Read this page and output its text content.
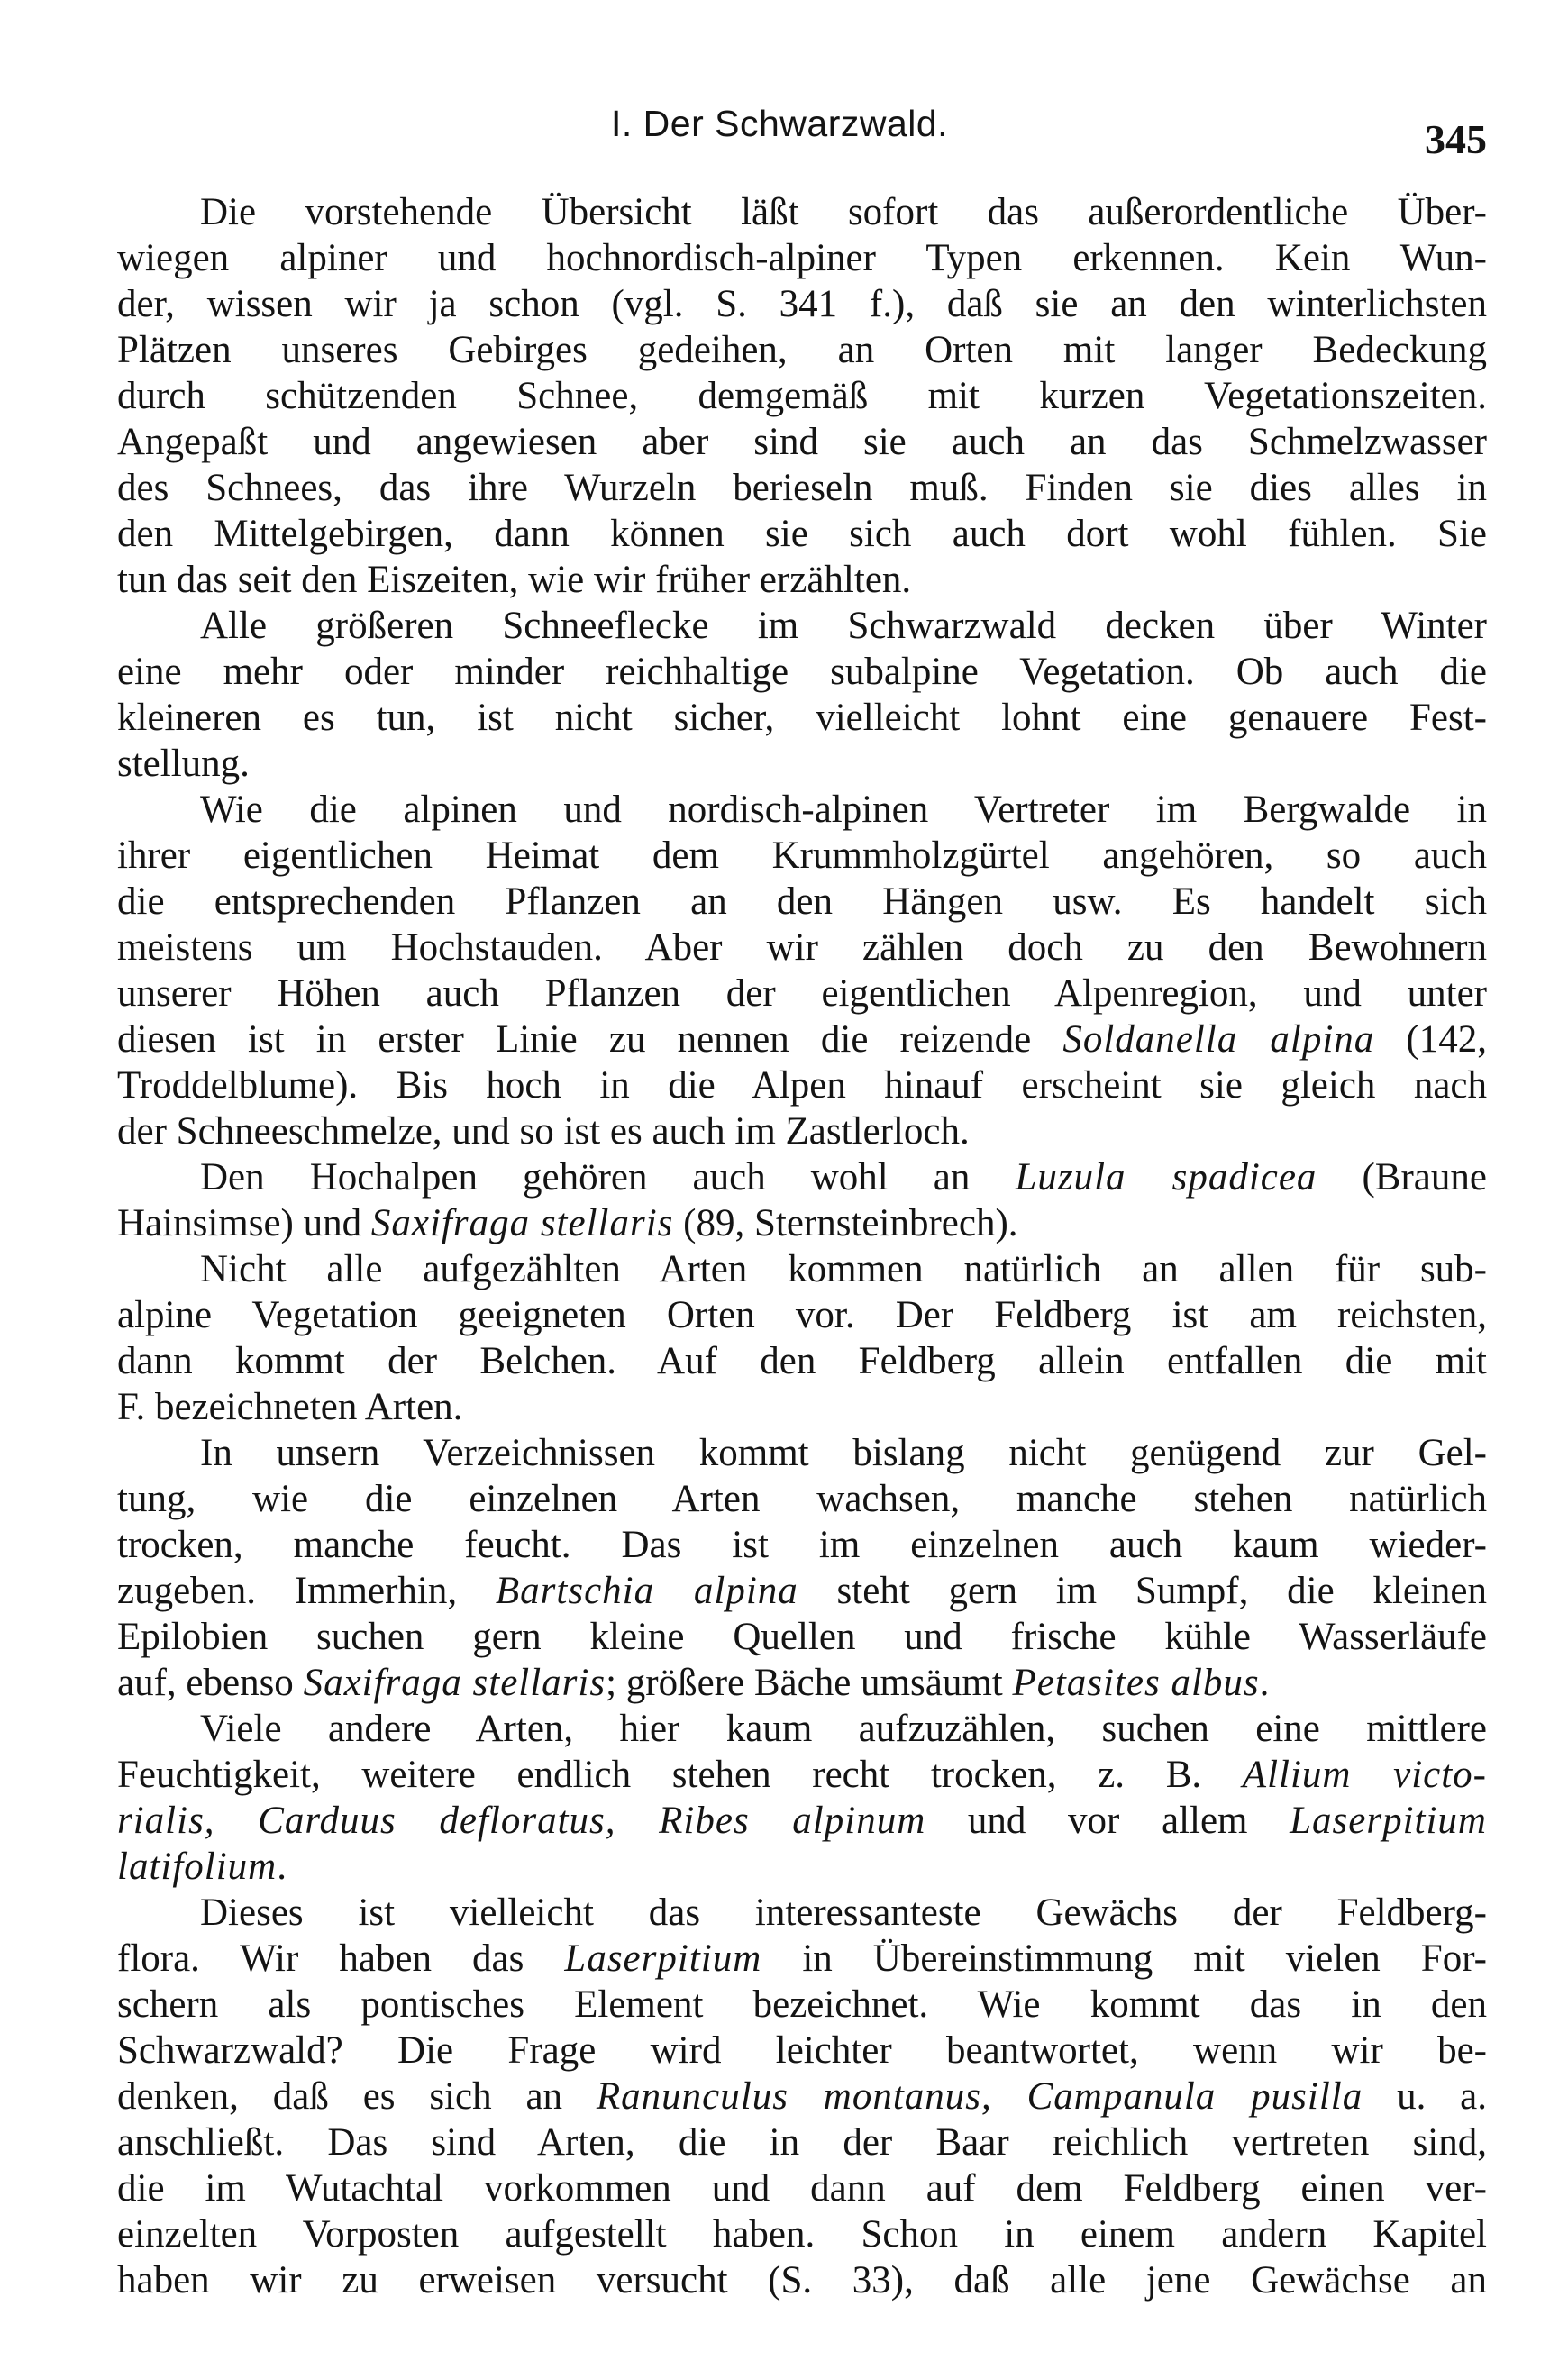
I. Der Schwarzwald.	345
Die vorstehende Übersicht läßt sofort das außerordentliche Über-
wiegen alpiner und hochnordisch-alpiner Typen erkennen. Kein Wun-
der, wissen wir ja schon (vgl. S. 341 f.), daß sie an den winterlichsten
Plätzen unseres Gebirges gedeihen, an Orten mit langer Bedeckung
durch schützenden Schnee, demgemäß mit kurzen Vegetationszeiten.
Angepaßt und angewiesen aber sind sie auch an das Schmelzwasser
des Schnees, das ihre Wurzeln berieseln muß. Finden sie dies alles in
den Mittelgebirgen, dann können sie sich auch dort wohl fühlen. Sie
tun das seit den Eiszeiten, wie wir früher erzählten.
Alle größeren Schneeflecke im Schwarzwald decken über Winter
eine mehr oder minder reichhaltige subalpine Vegetation. Ob auch die
kleineren es tun, ist nicht sicher, vielleicht lohnt eine genauere Fest-
stellung.
Wie die alpinen und nordisch-alpinen Vertreter im Bergwalde in
ihrer eigentlichen Heimat dem Krummholzgürtel angehören, so auch
die entsprechenden Pflanzen an den Hängen usw. Es handelt sich
meistens um Hochstauden. Aber wir zählen doch zu den Bewohnern
unserer Höhen auch Pflanzen der eigentlichen Alpenregion, und unter
diesen ist in erster Linie zu nennen die reizende Soldanella alpina (142,
Troddelblume). Bis hoch in die Alpen hinauf erscheint sie gleich nach
der Schneeschmelze, und so ist es auch im Zastlerloch.
Den Hochalpen gehören auch wohl an Luzula spadicea (Braune
Hainsimse) und Saxifraga stellaris (89, Sternsteinbrech).
Nicht alle aufgezählten Arten kommen natürlich an allen für sub-
alpine Vegetation geeigneten Orten vor. Der Feldberg ist am reichsten,
dann kommt der Belchen. Auf den Feldberg allein entfallen die mit
F. bezeichneten Arten.
In unsern Verzeichnissen kommt bislang nicht genügend zur Gel-
tung, wie die einzelnen Arten wachsen, manche stehen natürlich
trocken, manche feucht. Das ist im einzelnen auch kaum wieder-
zugeben. Immerhin, Bartschia alpina steht gern im Sumpf, die kleinen
Epilobien suchen gern kleine Quellen und frische kühle Wasserläufe
auf, ebenso Saxifraga stellaris; größere Bäche umsäumt Petasites albus.
Viele andere Arten, hier kaum aufzuzählen, suchen eine mittlere
Feuchtigkeit, weitere endlich stehen recht trocken, z. B. Allium victo-
rialis, Carduus defloratus, Ribes alpinum und vor allem Laserpitium
latifolium.
Dieses ist vielleicht das interessanteste Gewächs der Feldberg-
flora. Wir haben das Laserpitium in Übereinstimmung mit vielen For-
schern als pontisches Element bezeichnet. Wie kommt das in den
Schwarzwald? Die Frage wird leichter beantwortet, wenn wir be-
denken, daß es sich an Ranunculus montanus, Campanula pusilla u. a.
anschließt. Das sind Arten, die in der Baar reichlich vertreten sind,
die im Wutachtal vorkommen und dann auf dem Feldberg einen ver-
einzelten Vorposten aufgestellt haben. Schon in einem andern Kapitel
haben wir zu erweisen versucht (S. 33), daß alle jene Gewächse an
